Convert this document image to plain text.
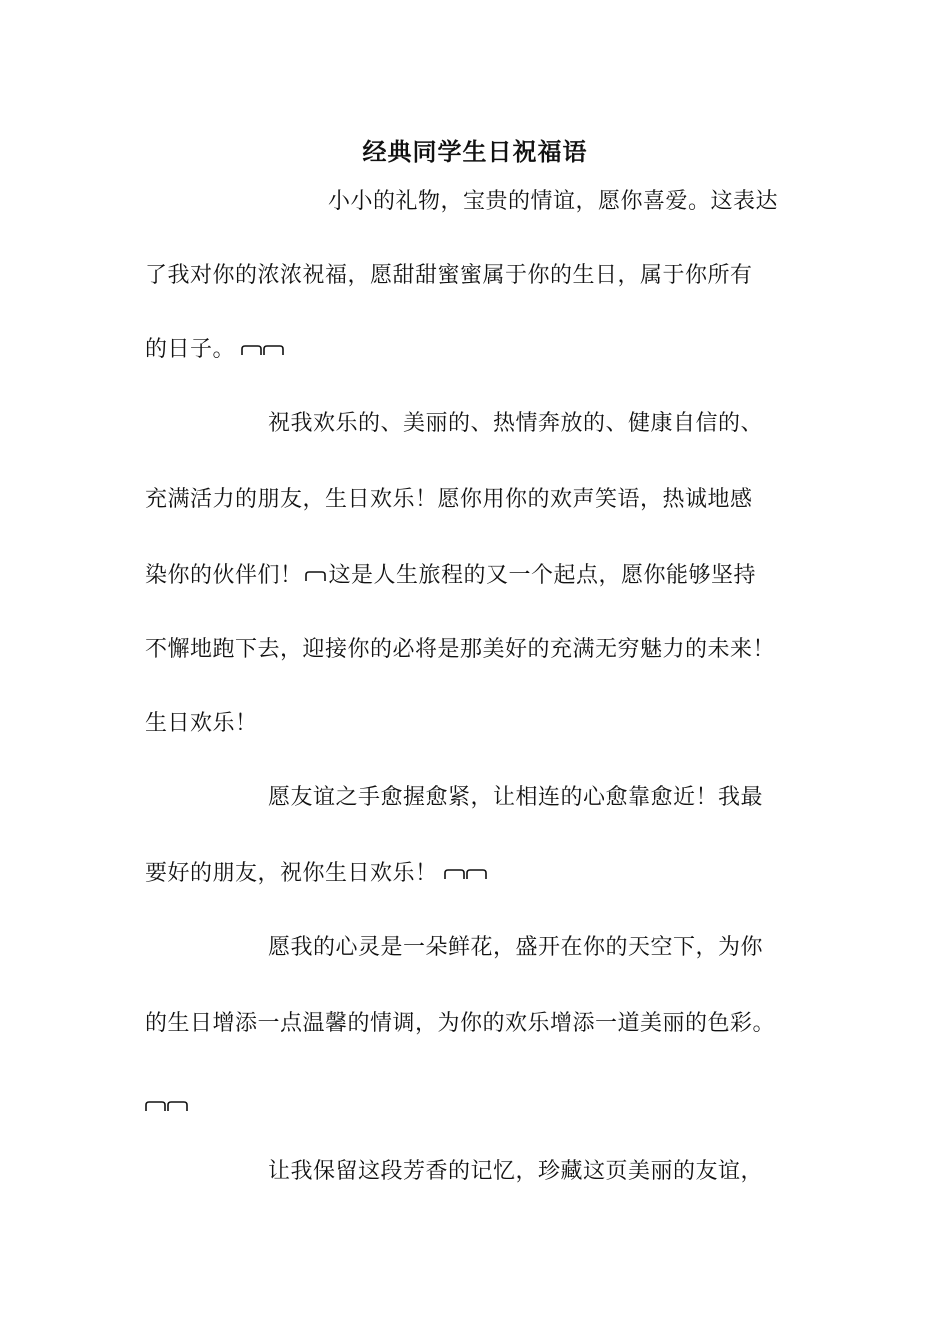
经典同学生日祝福语
小小的礼物，宝贵的情谊，愿你喜爱。这表达
了我对你的浓浓祝福，愿甜甜蜜蜜属于你的生日，属于你所有
的日子。
祝我欢乐的、美丽的、热情奔放的、健康自信的、
充满活力的朋友，生日欢乐！愿你用你的欢声笑语，热诚地感
染你的伙伴们！ 这是人生旅程的又一个起点，愿你能够坚持
不懈地跑下去，迎接你的必将是那美好的充满无穷魅力的未来！
生日欢乐！
愿友谊之手愈握愈紧，让相连的心愈靠愈近！我最
要好的朋友，祝你生日欢乐！
愿我的心灵是一朵鲜花，盛开在你的天空下，为你
的生日增添一点温馨的情调，为你的欢乐增添一道美丽的色彩。
让我保留这段芳香的记忆，珍藏这页美丽的友谊，
